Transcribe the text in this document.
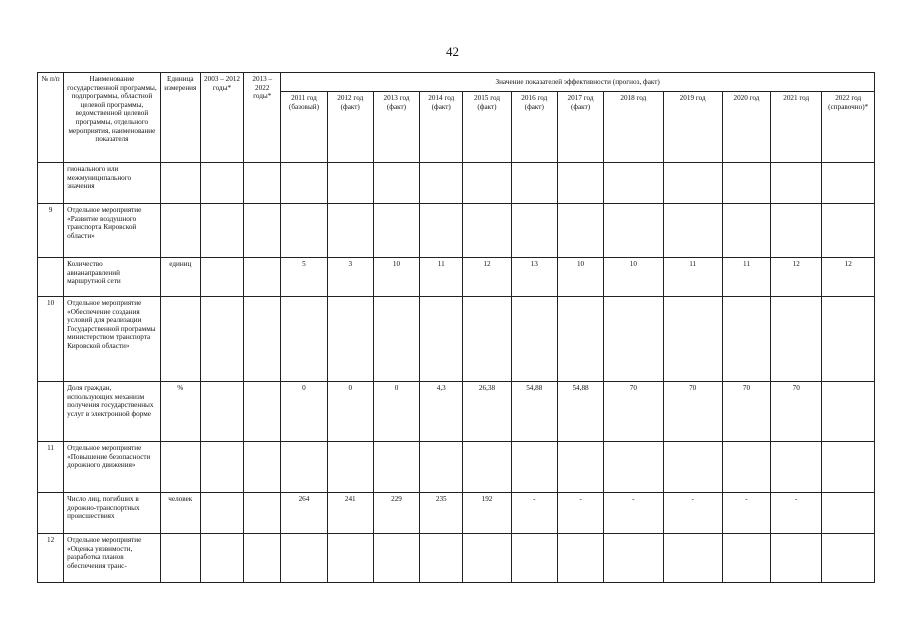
42
№ п/п	Наименование государственной программы, подпрограммы, областной целевой программы, ведомственной целевой программы, отдельного мероприятия, наименование показателя	Единица измерения	2003 – 2012 годы*	2013 – 2022 годы*	Значение показателей эффективности (прогноз, факт)											
					2011 год (базовый)	2012 год (факт)	2013 год (факт)	2014 год (факт)	2015 год (факт)	2016 год (факт)	2017 год (факт)	2018 год	2019 год	2020 год	2021 год	2022 год (справочно)*
	гионального или межмуниципального значения															
9	Отдельное мероприятие «Развитие воздушного транспорта Кировской области»															
	Количество авианаправлений маршрутной сети	единиц			5	3	10	11	12	13	10	10	11	11	12	12
10	Отдельное мероприятие «Обеспечение создания условий для реализации Государственной программы министерством транспорта Кировской области»															
	Доля граждан, использующих механизм получения государственных услуг в электронной форме	%			0	0	0	4,3	26,38	54,88	54,88	70	70	70	70	
11	Отдельное мероприятие «Повышение безопасности дорожного движения»															
	Число лиц, погибших в дорожно-транспортных происшествиях	человек			264	241	229	235	192	-	-	-	-	-	-	
12	Отдельное мероприятие «Оценка уязвимости, разработка планов обеспечения транс-															
